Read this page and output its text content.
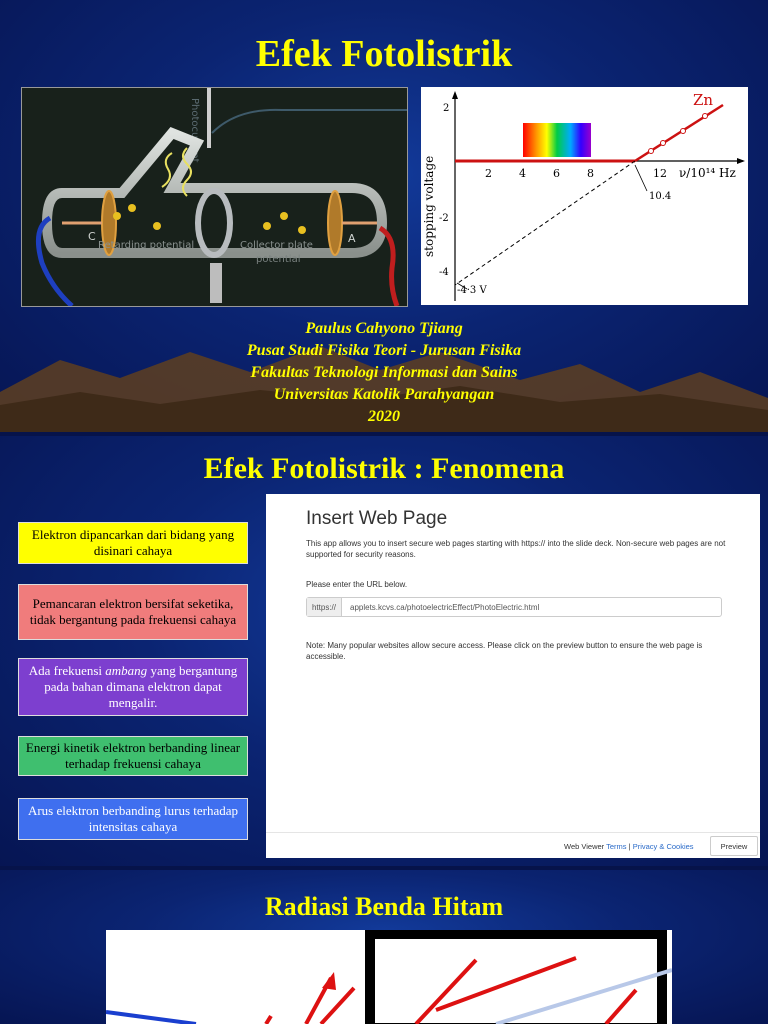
Efek Fotolistrik
Photocurrent
C	A
Retarding potential	Collector plate
potential
2 4 6 8	12
2
-2
-4
ν/10¹⁴ Hz
Zn
10.4
-4·3 V
stopping voltage
Paulus Cahyono Tjiang
Pusat Studi Fisika Teori - Jurusan Fisika
Fakultas Teknologi Informasi dan Sains
Universitas Katolik Parahyangan
2020
Efek Fotolistrik : Fenomena
Elektron dipancarkan dari bidang yang disinari cahaya
Pemancaran elektron bersifat seketika, tidak bergantung pada frekuensi cahaya
Ada frekuensi ambang yang bergantung pada bahan dimana elektron dapat mengalir.
Energi kinetik elektron berbanding linear terhadap frekuensi cahaya
Arus elektron berbanding lurus terhadap intensitas cahaya
Insert Web Page
This app allows you to insert secure web pages starting with https:// into the slide deck. Non-secure web pages are not supported for security reasons.
Please enter the URL below.
https://	applets.kcvs.ca/photoelectricEffect/PhotoElectric.html
Note: Many popular websites allow secure access. Please click on the preview button to ensure the web page is accessible.
Web Viewer Terms | Privacy & Cookies	Preview
Radiasi Benda Hitam
